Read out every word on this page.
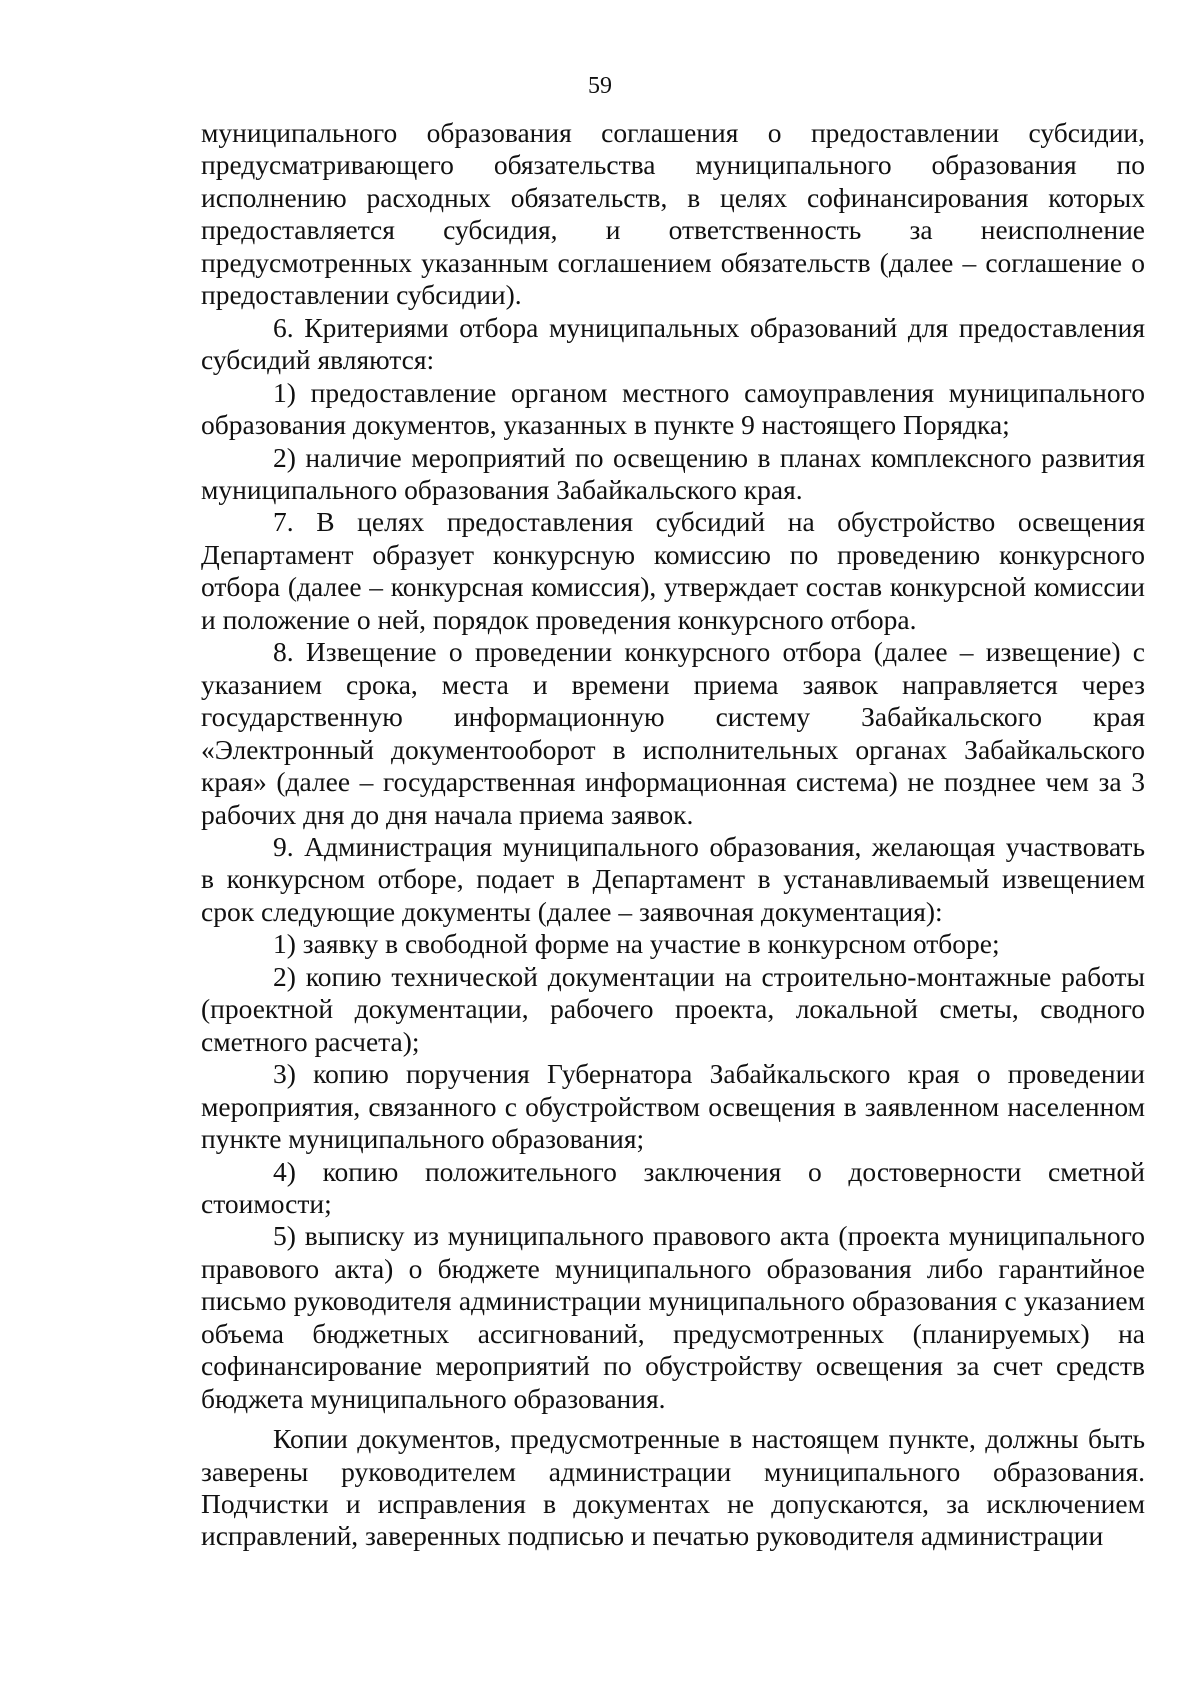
59

муниципального образования соглашения о предоставлении субсидии, предусматривающего обязательства муниципального образования по исполнению расходных обязательств, в целях софинансирования которых предоставляется субсидия, и ответственность за неисполнение предусмотренных указанным соглашением обязательств (далее – соглашение о предоставлении субсидии).

6. Критериями отбора муниципальных образований для предоставления субсидий являются:

1) предоставление органом местного самоуправления муниципального образования документов, указанных в пункте 9 настоящего Порядка;

2) наличие мероприятий по освещению в планах комплексного развития муниципального образования Забайкальского края.

7. В целях предоставления субсидий на обустройство освещения Департамент образует конкурсную комиссию по проведению конкурсного отбора (далее – конкурсная комиссия), утверждает состав конкурсной комиссии и положение о ней, порядок проведения конкурсного отбора.

8. Извещение о проведении конкурсного отбора (далее – извещение) с указанием срока, места и времени приема заявок направляется через государственную информационную систему Забайкальского края «Электронный документооборот в исполнительных органах Забайкальского края» (далее – государственная информационная система) не позднее чем за 3 рабочих дня до дня начала приема заявок.

9. Администрация муниципального образования, желающая участвовать в конкурсном отборе, подает в Департамент в устанавливаемый извещением срок следующие документы (далее – заявочная документация):

1) заявку в свободной форме на участие в конкурсном отборе;

2) копию технической документации на строительно-монтажные работы (проектной документации, рабочего проекта, локальной сметы, сводного сметного расчета);

3) копию поручения Губернатора Забайкальского края о проведении мероприятия, связанного с обустройством освещения в заявленном населенном пункте муниципального образования;

4) копию положительного заключения о достоверности сметной стоимости;

5) выписку из муниципального правового акта (проекта муниципального правового акта) о бюджете муниципального образования либо гарантийное письмо руководителя администрации муниципального образования с указанием объема бюджетных ассигнований, предусмотренных (планируемых) на софинансирование мероприятий по обустройству освещения за счет средств бюджета муниципального образования.

Копии документов, предусмотренные в настоящем пункте, должны быть заверены руководителем администрации муниципального образования. Подчистки и исправления в документах не допускаются, за исключением исправлений, заверенных подписью и печатью руководителя администрации
